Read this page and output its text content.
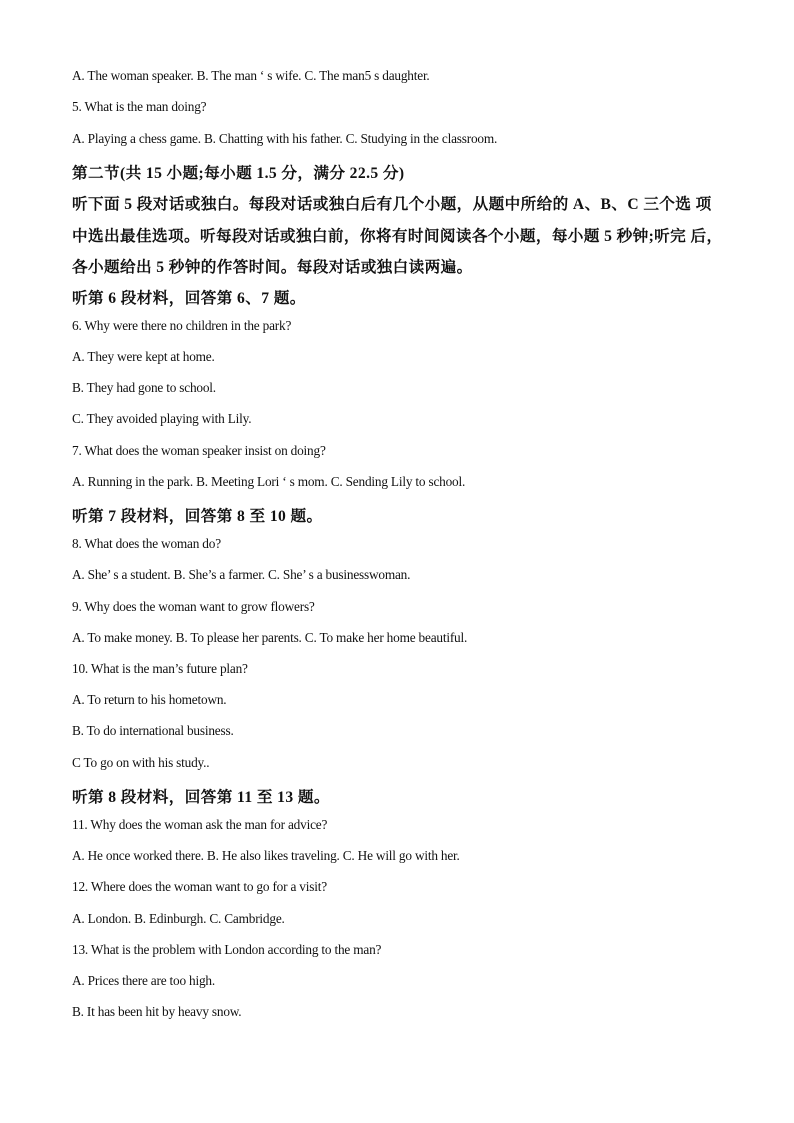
A. The woman speaker. B. The man ‘ s wife. C. The man5 s daughter.
5. What is the man doing?
A. Playing a chess game. B. Chatting with his father. C. Studying in the classroom.
第二节(共 15 小题;每小题 1.5 分，满分 22.5 分)
听下面 5 段对话或独白。每段对话或独白后有几个小题，从题中所给的 A、B、C 三个选 项
中选出最佳选项。听每段对话或独白前，你将有时间阅读各个小题，每小题 5 秒钟;听完 后，
各小题给出 5 秒钟的作答时间。每段对话或独白读两遍。
听第 6 段材料，回答第 6、7 题。
6. Why were there no children in the park?
A. They were kept at home.
B. They had gone to school.
C. They avoided playing with Lily.
7. What does the woman speaker insist on doing?
A. Running in the park. B. Meeting Lori ‘ s mom. C. Sending Lily to school.
听第 7 段材料，回答第 8 至 10 题。
8. What does the woman do?
A. She’ s a student. B. She’s a farmer. C. She’ s a businesswoman.
9. Why does the woman want to grow flowers?
A. To make money. B. To please her parents. C. To make her home beautiful.
10. What is the man’s future plan?
A. To return to his hometown.
B. To do international business.
C To go on with his study..
听第 8 段材料，回答第 11 至 13 题。
11. Why does the woman ask the man for advice?
A. He once worked there. B. He also likes traveling. C. He will go with her.
12. Where does the woman want to go for a visit?
A. London. B. Edinburgh. C. Cambridge.
13. What is the problem with London according to the man?
A. Prices there are too high.
B. It has been hit by heavy snow.
